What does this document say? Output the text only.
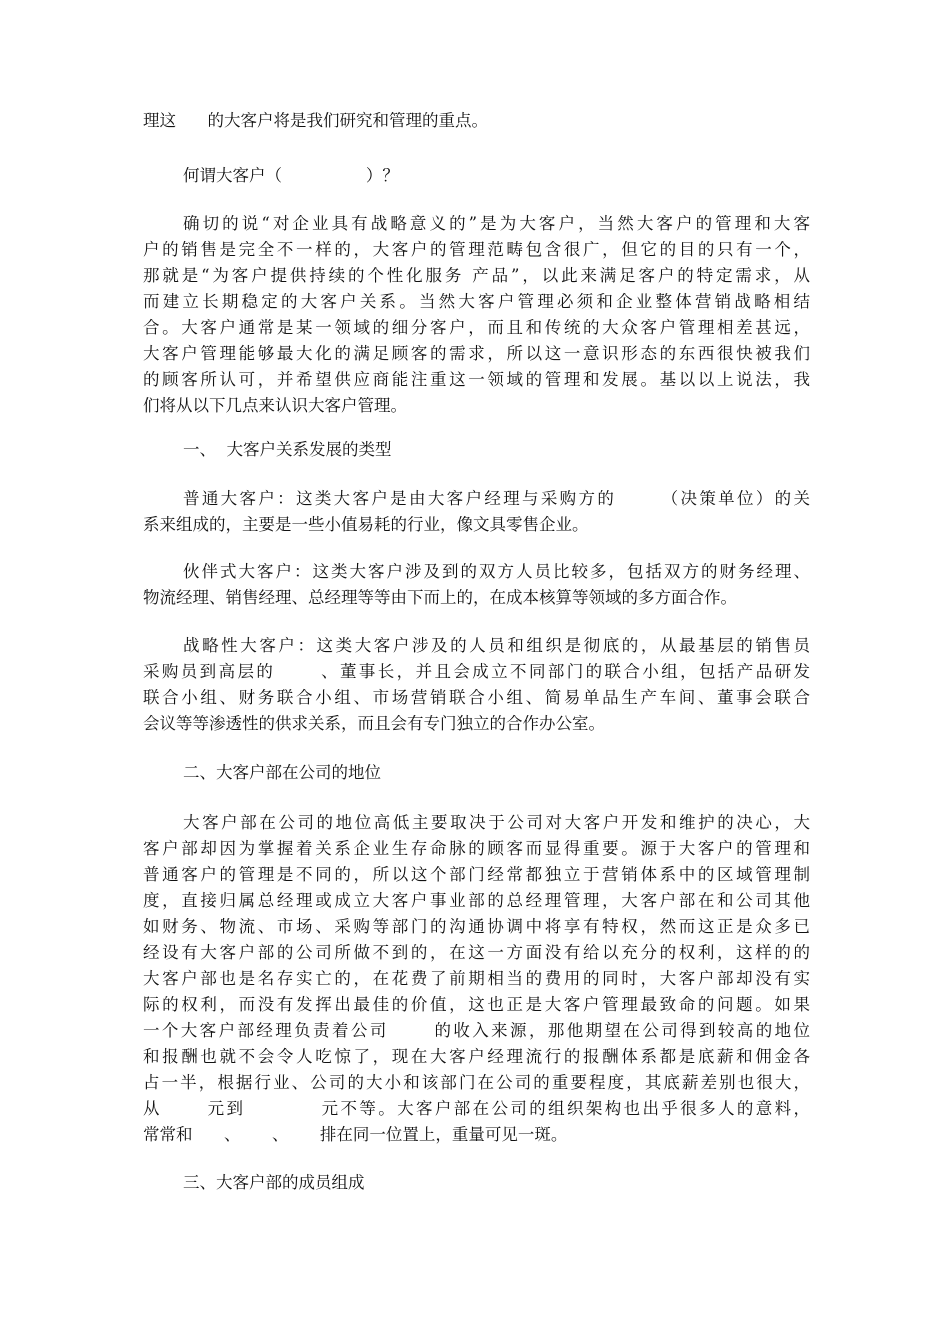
理这      的大客户将是我们研究和管理的重点。
何谓大客户（                ）？
确切的说“对企业具有战略意义的”是为大客户，当然大客户的管理和大客
户的销售是完全不一样的，大客户的管理范畴包含很广，但它的目的只有一个，
那就是“为客户提供持续的个性化服务 产品”，以此来满足客户的特定需求，从
而建立长期稳定的大客户关系。当然大客户管理必须和企业整体营销战略相结
合。大客户通常是某一领域的细分客户，而且和传统的大众客户管理相差甚远，
大客户管理能够最大化的满足顾客的需求，所以这一意识形态的东西很快被我们
的顾客所认可，并希望供应商能注重这一领域的管理和发展。基以以上说法，我
们将从以下几点来认识大客户管理。
一、  大客户关系发展的类型
普通大客户：这类大客户是由大客户经理与采购方的      （决策单位）的关
系来组成的，主要是一些小值易耗的行业，像文具零售企业。
伙伴式大客户：这类大客户涉及到的双方人员比较多，包括双方的财务经理、
物流经理、销售经理、总经理等等由下而上的，在成本核算等领域的多方面合作。
战略性大客户：这类大客户涉及的人员和组织是彻底的，从最基层的销售员
采购员到高层的      、董事长，并且会成立不同部门的联合小组，包括产品研发
联合小组、财务联合小组、市场营销联合小组、简易单品生产车间、董事会联合
会议等等渗透性的供求关系，而且会有专门独立的合作办公室。
二、大客户部在公司的地位
大客户部在公司的地位高低主要取决于公司对大客户开发和维护的决心，大
客户部却因为掌握着关系企业生存命脉的顾客而显得重要。源于大客户的管理和
普通客户的管理是不同的，所以这个部门经常都独立于营销体系中的区域管理制
度，直接归属总经理或成立大客户事业部的总经理管理，大客户部在和公司其他
如财务、物流、市场、采购等部门的沟通协调中将享有特权，然而这正是众多已
经设有大客户部的公司所做不到的，在这一方面没有给以充分的权利，这样的的
大客户部也是名存实亡的，在花费了前期相当的费用的同时，大客户部却没有实
际的权利，而没有发挥出最佳的价值，这也正是大客户管理最致命的问题。如果
一个大客户部经理负责着公司      的收入来源，那他期望在公司得到较高的地位
和报酬也就不会令人吃惊了，现在大客户经理流行的报酬体系都是底薪和佣金各
占一半，根据行业、公司的大小和该部门在公司的重要程度，其底薪差别也很大，
从      元到          元不等。大客户部在公司的组织架构也出乎很多人的意料，
常常和      、      、      排在同一位置上，重量可见一斑。
三、大客户部的成员组成
